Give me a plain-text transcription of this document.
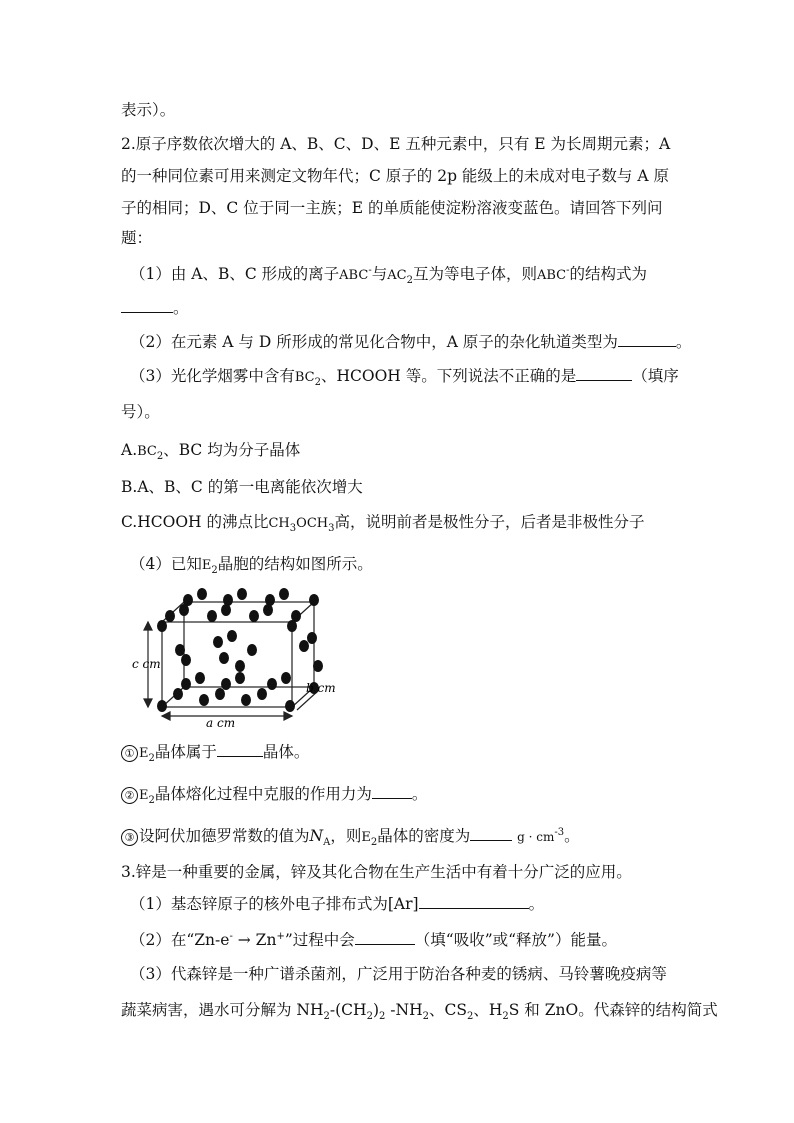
表示）。
2.原子序数依次增大的 A、B、C、D、E 五种元素中，只有 E 为长周期元素；A
的一种同位素可用来测定文物年代；C 原子的 2p 能级上的未成对电子数与 A 原
子的相同；D、C 位于同一主族；E 的单质能使淀粉溶液变蓝色。请回答下列问
题：
（1）由 A、B、C 形成的离子ABC-与$AC_2$互为等电子体，则ABC-的结构式为
。
（2）在元素 A 与 D 所形成的常见化合物中，A 原子的杂化轨道类型为	。
（3）光化学烟雾中含有$BC_2$、HCOOH 等。下列说法不正确的是	（填序
号）。
$A.BC_2$、BC 均为分子晶体
B.A、B、C 的第一电离能依次增大
C.HCOOH 的沸点比$CH_3OCH_3$高，说明前者是极性分子，后者是非极性分子
（4）已知$E_2$晶胞的结构如图所示。
c cm
a cm
b cm
① $E_2$晶体属于	晶体。
② $E_2$晶体熔化过程中克服的作用力为	。
③ 设阿伏加德罗常数的值为$N_A$，则$E_2$晶体的密度为	$g \cdot cm^{-3}$。
3.锌是一种重要的金属，锌及其化合物在生产生活中有着十分广泛的应用。
（1）基态锌原子的核外电子排布式为[Ar]	。
（2）在“Zn-e- → Zn+”过程中会	（填“吸收”或“释放”）能量。
（3）代森锌是一种广谱杀菌剂，广泛用于防治各种麦的锈病、马铃薯晚疫病等
蔬菜病害，遇水可分解为 $NH_2-(CH_2)_2$ $-NH_2$、$CS_2$、$H_2S$ 和 ZnO。代森锌的结构简式
